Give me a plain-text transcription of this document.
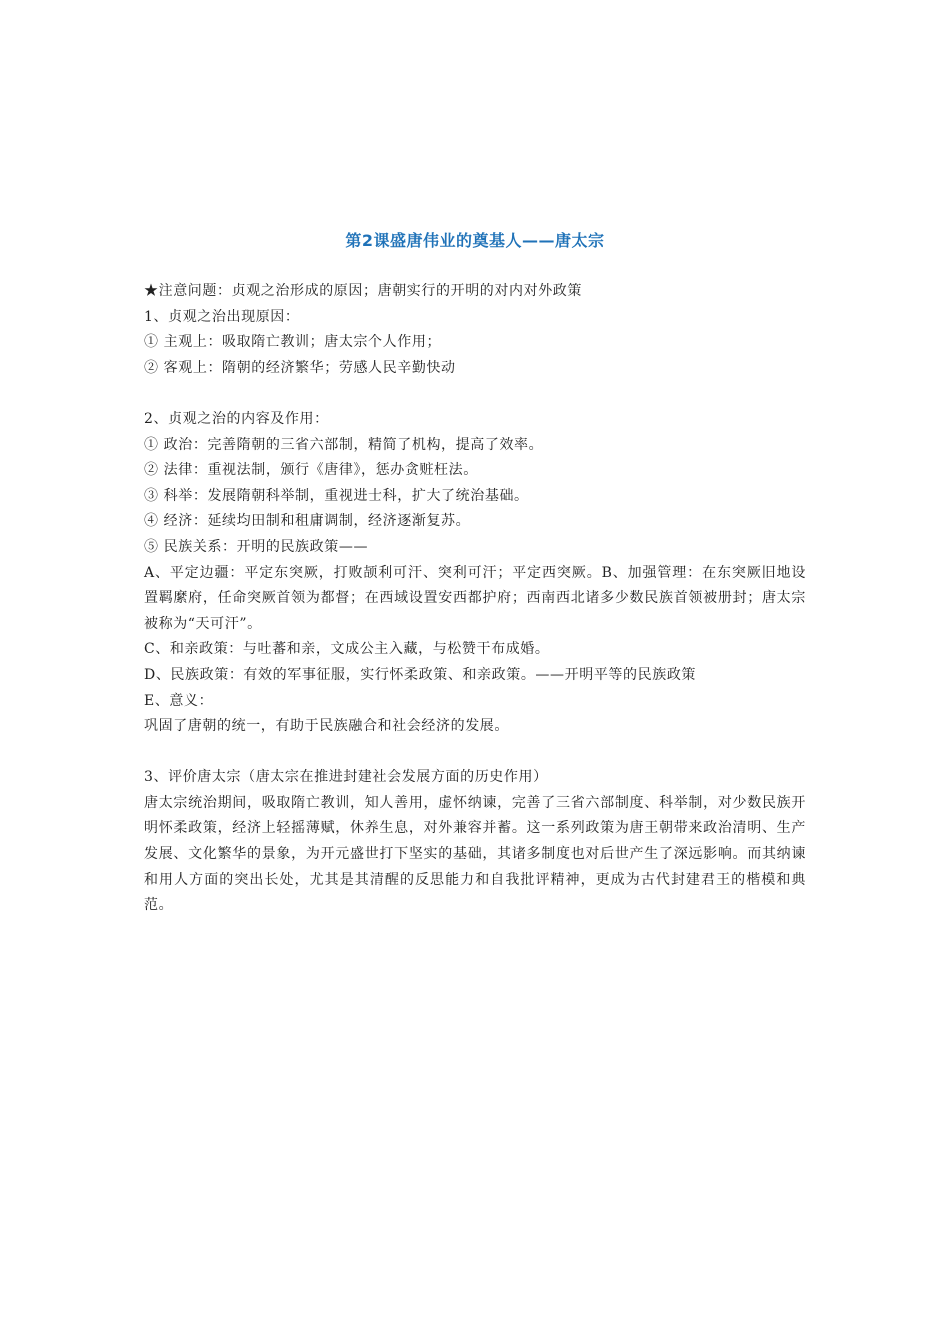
第2课盛唐伟业的奠基人——唐太宗
★注意问题：贞观之治形成的原因；唐朝实行的开明的对内对外政策
1、贞观之治出现原因：
① 主观上：吸取隋亡教训；唐太宗个人作用；
② 客观上：隋朝的经济繁华；劳感人民辛勤快动
2、贞观之治的内容及作用：
① 政治：完善隋朝的三省六部制，精简了机构，提高了效率。
② 法律：重视法制，颁行《唐律》，惩办贪赃枉法。
③ 科举：发展隋朝科举制，重视进士科，扩大了统治基础。
④ 经济：延续均田制和租庸调制，经济逐渐复苏。
⑤ 民族关系：开明的民族政策——
A、平定边疆：平定东突厥，打败颉利可汗、突利可汗；平定西突厥。B、加强管理：在东突厥旧地设置羁縻府，任命突厥首领为都督；在西域设置安西都护府；西南西北诸多少数民族首领被册封；唐太宗被称为“天可汗”。
C、和亲政策：与吐蕃和亲，文成公主入藏，与松赞干布成婚。
D、民族政策：有效的军事征服，实行怀柔政策、和亲政策。——开明平等的民族政策
E、意义：
巩固了唐朝的统一，有助于民族融合和社会经济的发展。
3、评价唐太宗（唐太宗在推进封建社会发展方面的历史作用）
唐太宗统治期间，吸取隋亡教训，知人善用，虚怀纳谏，完善了三省六部制度、科举制，对少数民族开明怀柔政策，经济上轻摇薄赋，休养生息，对外兼容并蓄。这一系列政策为唐王朝带来政治清明、生产发展、文化繁华的景象，为开元盛世打下坚实的基础，其诸多制度也对后世产生了深远影响。而其纳谏和用人方面的突出长处，尤其是其清醒的反思能力和自我批评精神，更成为古代封建君王的楷模和典范。
